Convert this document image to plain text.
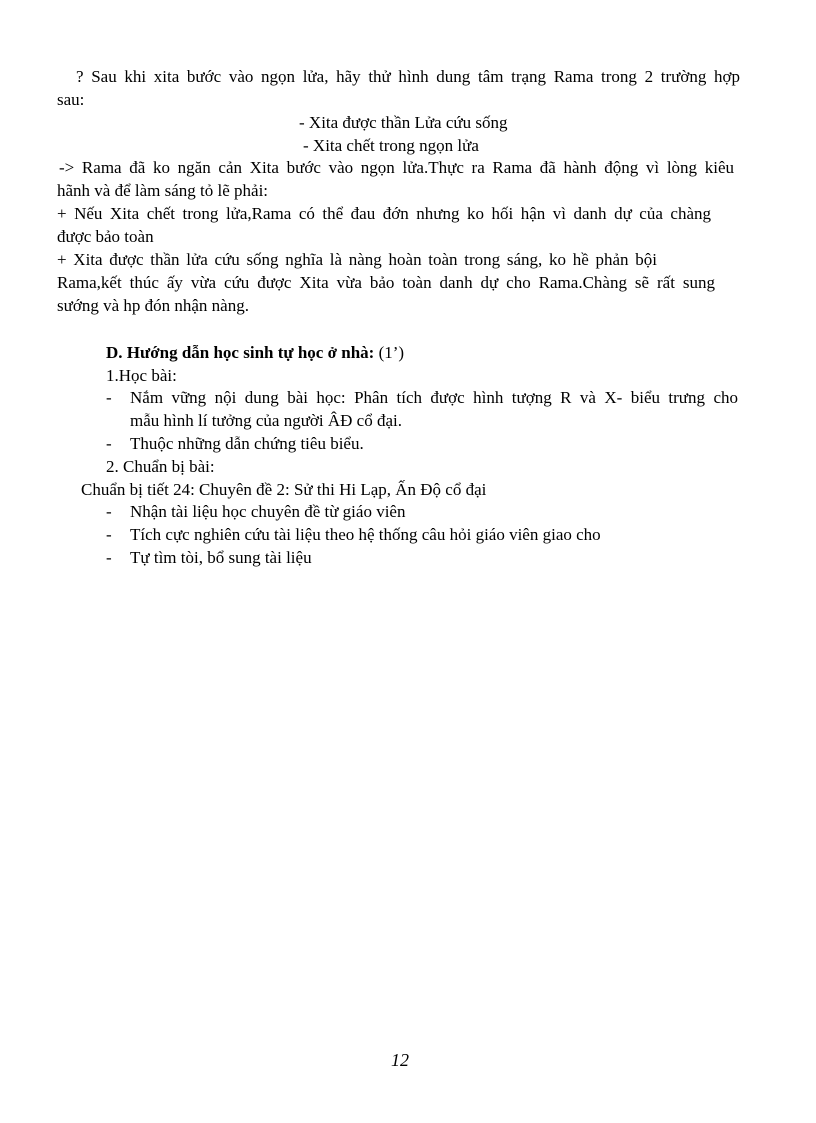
? Sau khi xita bước vào ngọn lửa, hãy thử hình dung tâm trạng Rama trong 2 trường hợp
sau:
- Xita được thần Lửa cứu sống
- Xita chết trong ngọn lửa
-> Rama đã ko ngăn cản Xita bước vào ngọn lửa.Thực ra Rama đã hành động vì lòng kiêu
hãnh và để làm sáng tỏ lẽ phải:
+ Nếu Xita chết trong lửa,Rama có thể đau đớn nhưng ko hối hận vì danh dự của chàng
được bảo toàn
+ Xita được thần lửa cứu sống nghĩa là nàng hoàn toàn trong sáng, ko hề phản bội
Rama,kết thúc ấy vừa cứu được Xita vừa bảo toàn danh dự cho Rama.Chàng sẽ rất sung
sướng và hp đón nhận nàng.
D. Hướng dẫn học sinh tự học ở nhà: (1’)
1.Học bài:
-	Nắm vững nội dung bài học: Phân tích được hình tượng R và X- biểu trưng cho
mẫu hình lí tưởng của người ÂĐ cổ đại.
-	Thuộc những dẫn chứng tiêu biểu.
2. Chuẩn bị bài:
Chuẩn bị tiết 24: Chuyên đề 2: Sử thi Hi Lạp, Ấn Độ cổ đại
-	Nhận tài liệu học chuyên đề từ giáo viên
-	Tích cực nghiên cứu tài liệu theo hệ thống câu hỏi giáo viên giao cho
-	Tự tìm tòi, bổ sung tài liệu
12
